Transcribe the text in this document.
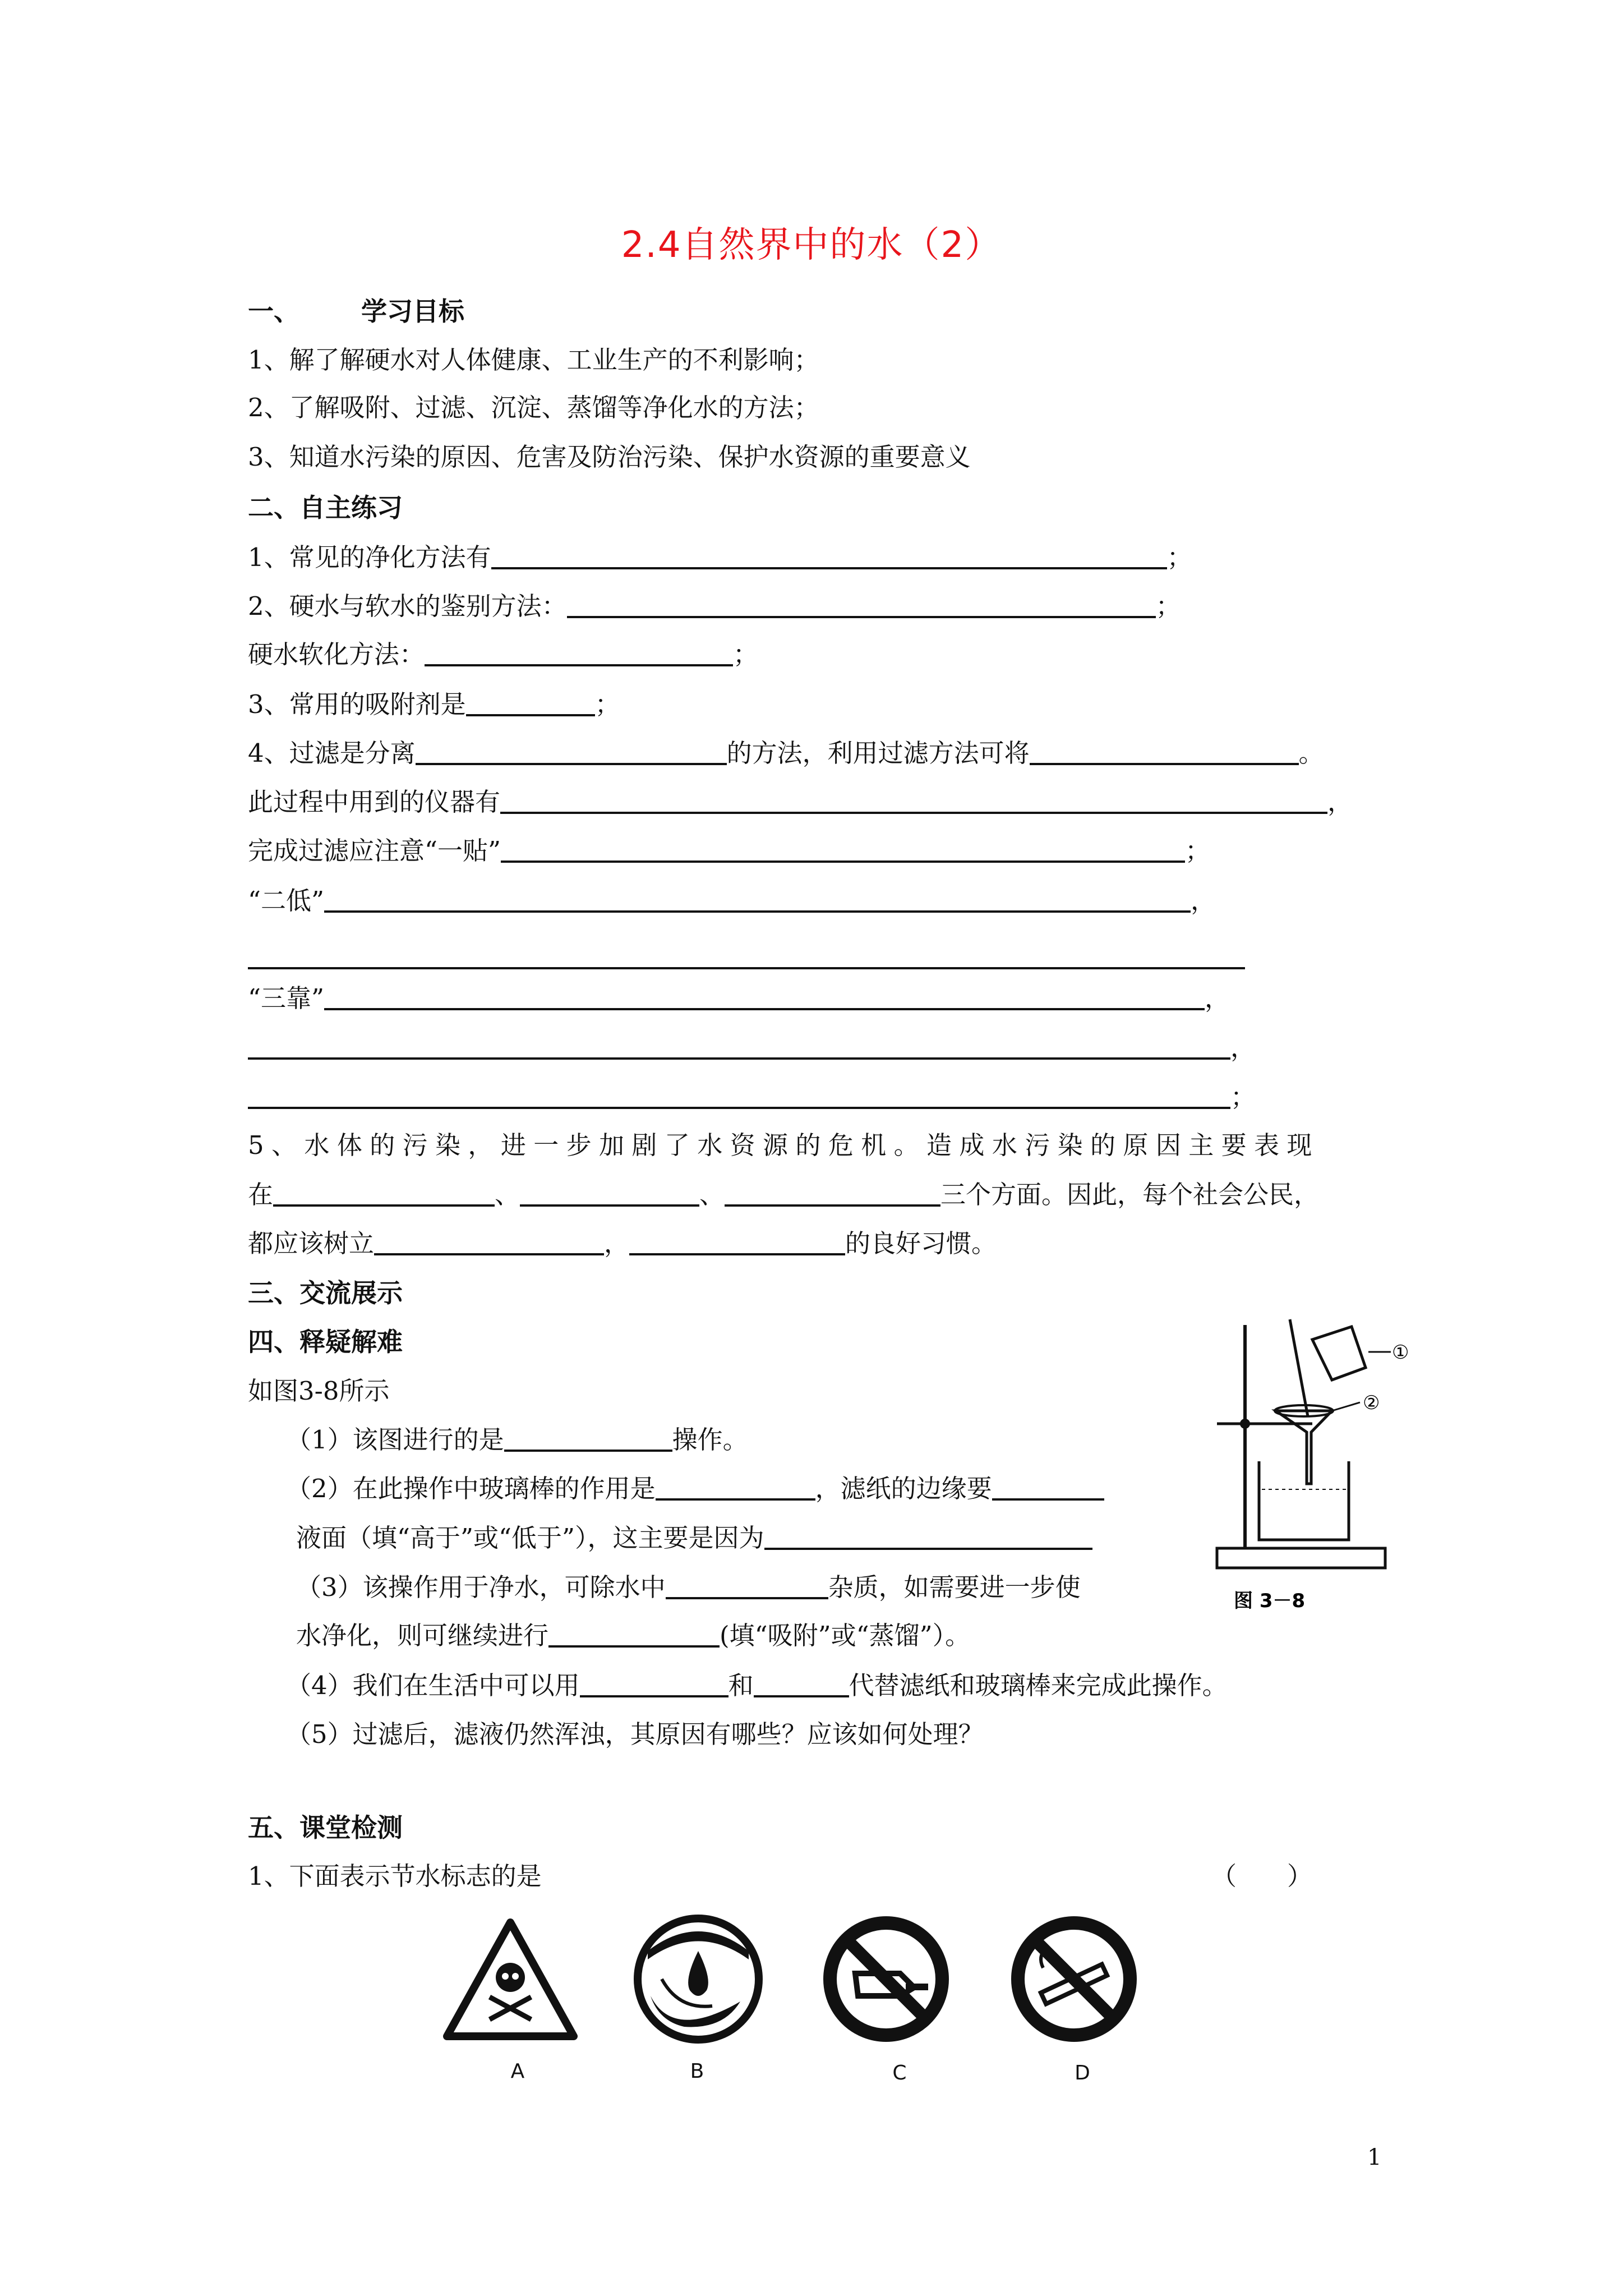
2.4自然界中的水（2）
一、 学习目标
1、解了解硬水对人体健康、工业生产的不利影响；
2、了解吸附、过滤、沉淀、蒸馏等净化水的方法；
3、知道水污染的原因、危害及防治污染、保护水资源的重要意义
二、自主练习
1、常见的净化方法有	；
2、硬水与软水的鉴别方法：	；
硬水软化方法：	；
3、常用的吸附剂是	；
4、过滤是分离	的方法，利用过滤方法可将	。
此过程中用到的仪器有	，
完成过滤应注意“一贴”	；
“二低”	，
“三靠”	，
，
；
5、水体的污染，进一步加剧了水资源的危机。造成水污染的原因主要表现
在	、	、	三个方面。因此，每个社会公民，
都应该树立	，	的良好习惯。
三、交流展示
四、释疑解难
如图3-8所示
（1）该图进行的是	操作。
（2）在此操作中玻璃棒的作用是	，滤纸的边缘要
液面（填“高于”或“低于”），这主要是因为
（3）该操作用于净水，可除水中	杂质，如需要进一步使
水净化，则可继续进行	(填“吸附”或“蒸馏”）。
（4）我们在生活中可以用	和	代替滤纸和玻璃棒来完成此操作。
（5）过滤后，滤液仍然浑浊，其原因有哪些？应该如何处理？
①
②
图 3－8
五、课堂检测
1、下面表示节水标志的是	（　　）
A	B	C	D
1
